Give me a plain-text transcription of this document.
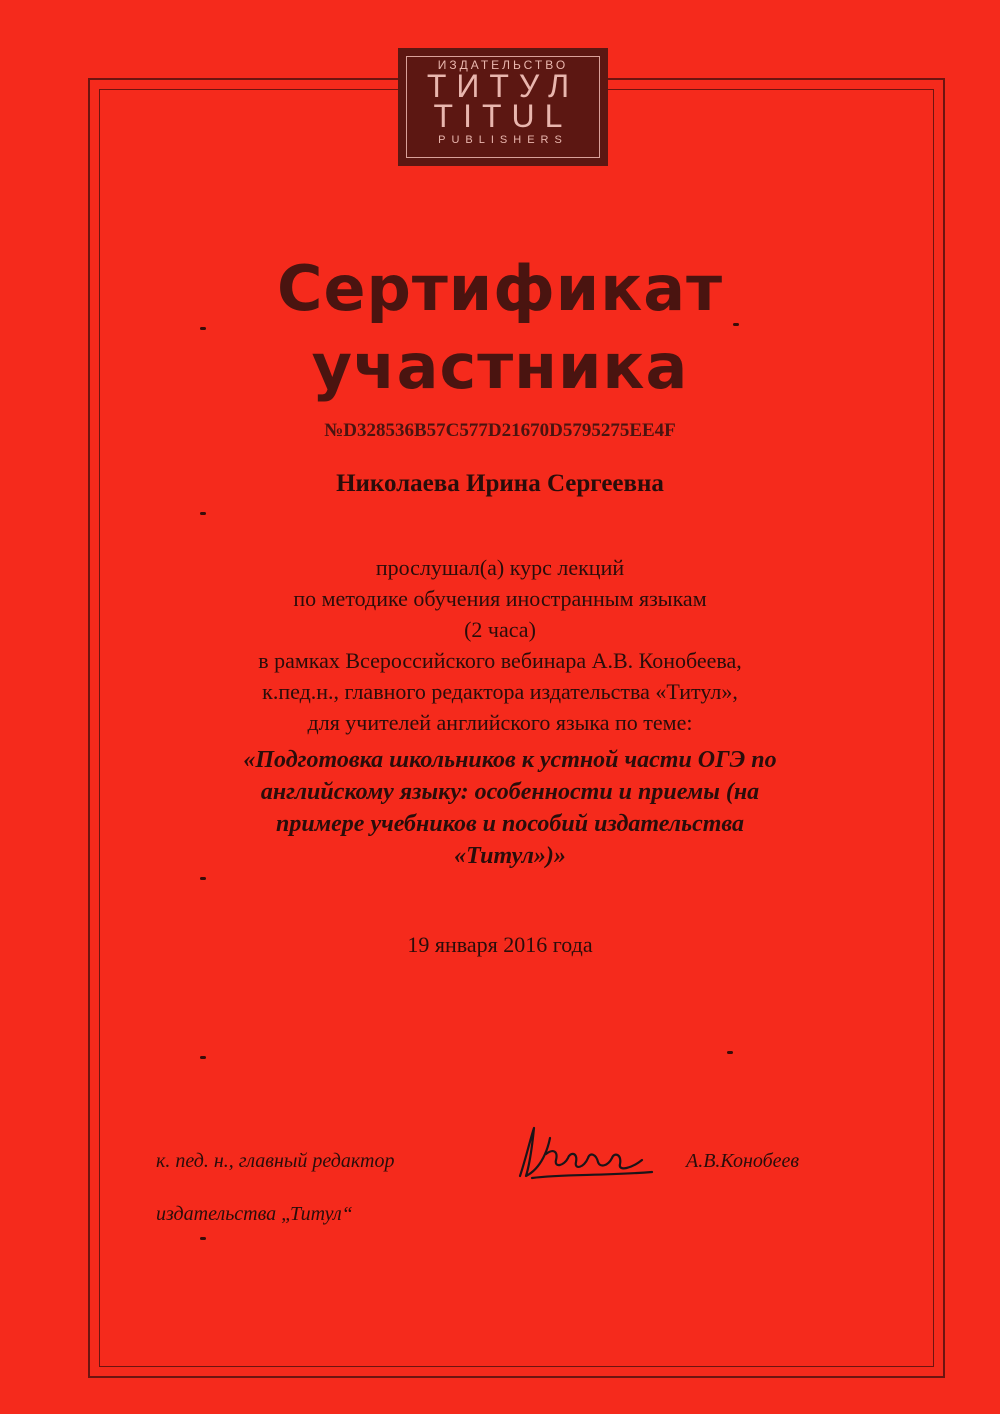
ИЗДАТЕЛЬСТВО
ТИТУЛ
TITUL
PUBLISHERS
Сертификат
участника
№D328536B57C577D21670D5795275EE4F
Николаева Ирина Сергеевна
прослушал(а) курс лекций
по методике обучения иностранным языкам
(2 часа)
в рамках Всероссийского вебинара А.В. Конобеева,
к.пед.н., главного редактора издательства «Титул»,
для учителей английского языка по теме:
«Подготовка школьников к устной части ОГЭ по
английскому языку: особенности и приемы (на
примере учебников и пособий издательства
«Титул»)»
19 января 2016 года
к. пед. н., главный редактор
издательства „Титул“
А.В.Конобеев
